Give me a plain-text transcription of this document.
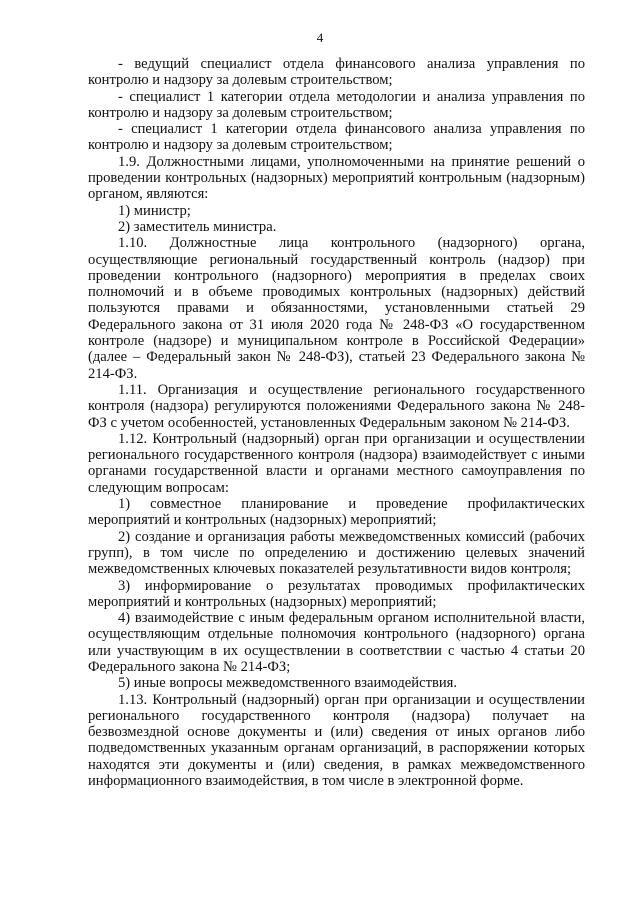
4

- ведущий специалист отдела финансового анализа управления по контролю и надзору за долевым строительством;

- специалист 1 категории отдела методологии и анализа управления по контролю и надзору за долевым строительством;

- специалист 1 категории отдела финансового анализа управления по контролю и надзору за долевым строительством;

1.9. Должностными лицами, уполномоченными на принятие решений о проведении контрольных (надзорных) мероприятий контрольным (надзорным) органом, являются:

1) министр;

2) заместитель министра.

1.10. Должностные лица контрольного (надзорного) органа, осуществляющие региональный государственный контроль (надзор) при проведении контрольного (надзорного) мероприятия в пределах своих полномочий и в объеме проводимых контрольных (надзорных) действий пользуются правами и обязанностями, установленными статьей 29 Федерального закона от 31 июля 2020 года № 248-ФЗ «О государственном контроле (надзоре) и муниципальном контроле в Российской Федерации» (далее – Федеральный закон № 248-ФЗ), статьей 23 Федерального закона № 214-ФЗ.

1.11. Организация и осуществление регионального государственного контроля (надзора) регулируются положениями Федерального закона № 248-ФЗ с учетом особенностей, установленных Федеральным законом № 214-ФЗ.

1.12. Контрольный (надзорный) орган при организации и осуществлении регионального государственного контроля (надзора) взаимодействует с иными органами государственной власти и органами местного самоуправления по следующим вопросам:

1) совместное планирование и проведение профилактических мероприятий и контрольных (надзорных) мероприятий;

2) создание и организация работы межведомственных комиссий (рабочих групп), в том числе по определению и достижению целевых значений межведомственных ключевых показателей результативности видов контроля;

3) информирование о результатах проводимых профилактических мероприятий и контрольных (надзорных) мероприятий;

4) взаимодействие с иным федеральным органом исполнительной власти, осуществляющим отдельные полномочия контрольного (надзорного) органа или участвующим в их осуществлении в соответствии с частью 4 статьи 20 Федерального закона № 214-ФЗ;

5) иные вопросы межведомственного взаимодействия.

1.13. Контрольный (надзорный) орган при организации и осуществлении регионального государственного контроля (надзора) получает на безвозмездной основе документы и (или) сведения от иных органов либо подведомственных указанным органам организаций, в распоряжении которых находятся эти документы и (или) сведения, в рамках межведомственного информационного взаимодействия, в том числе в электронной форме.
